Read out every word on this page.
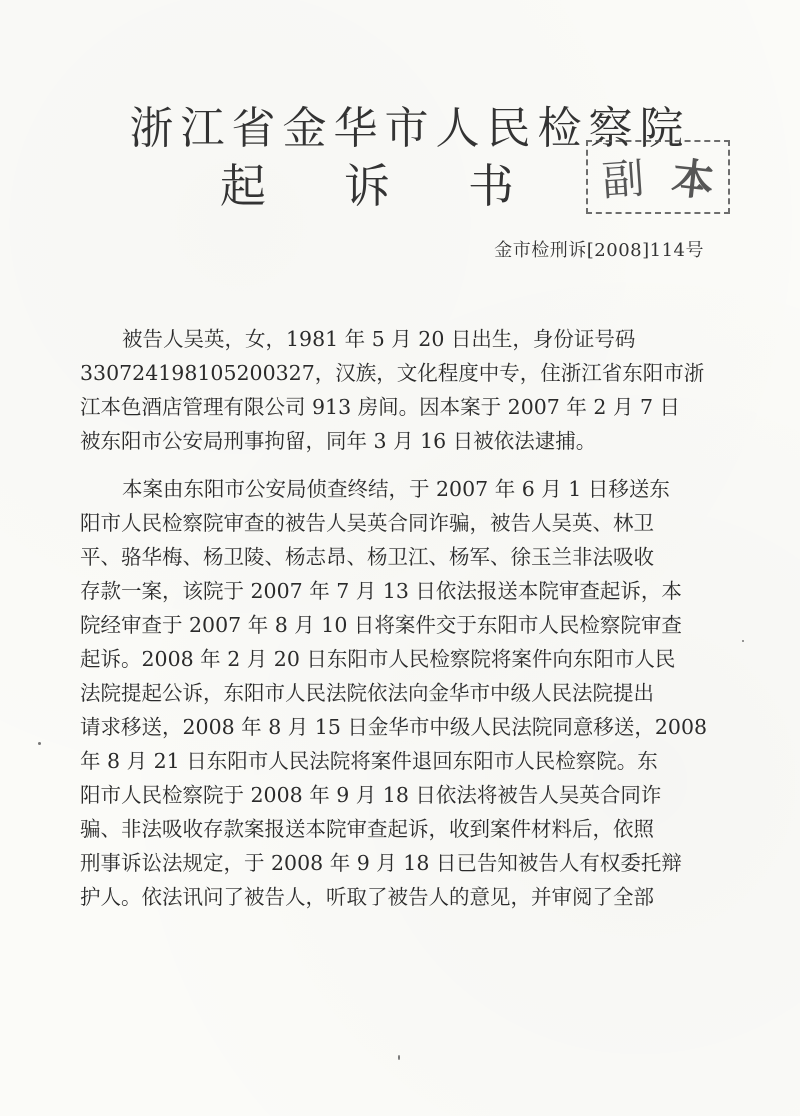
浙江省金华市人民检察院
起诉书 副 本
金市检刑诉[2008]114号
被告人吴英，女，1981 年 5 月 20 日出生，身份证号码
330724198105200327，汉族，文化程度中专，住浙江省东阳市浙
江本色酒店管理有限公司 913 房间。因本案于 2007 年 2 月 7 日
被东阳市公安局刑事拘留，同年 3 月 16 日被依法逮捕。
本案由东阳市公安局侦查终结，于 2007 年 6 月 1 日移送东
阳市人民检察院审查的被告人吴英合同诈骗，被告人吴英、林卫
平、骆华梅、杨卫陵、杨志昂、杨卫江、杨军、徐玉兰非法吸收
存款一案，该院于 2007 年 7 月 13 日依法报送本院审查起诉，本
院经审查于 2007 年 8 月 10 日将案件交于东阳市人民检察院审查
起诉。2008 年 2 月 20 日东阳市人民检察院将案件向东阳市人民
法院提起公诉，东阳市人民法院依法向金华市中级人民法院提出
请求移送，2008 年 8 月 15 日金华市中级人民法院同意移送，2008
年 8 月 21 日东阳市人民法院将案件退回东阳市人民检察院。东
阳市人民检察院于 2008 年 9 月 18 日依法将被告人吴英合同诈
骗、非法吸收存款案报送本院审查起诉，收到案件材料后，依照
刑事诉讼法规定，于 2008 年 9 月 18 日已告知被告人有权委托辩
护人。依法讯问了被告人，听取了被告人的意见，并审阅了全部
